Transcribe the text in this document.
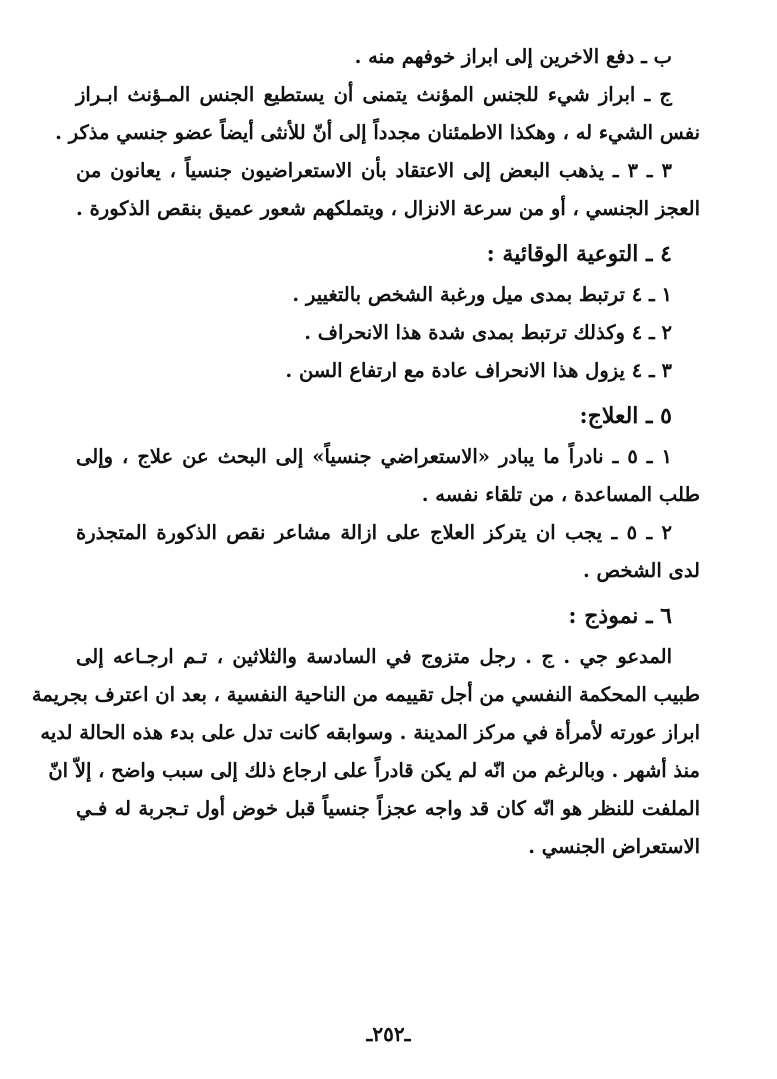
ب ـ دفع الاخرين إلى ابراز خوفهم منه .
ج ـ ابراز شيء للجنس المؤنث يتمنى أن يستطيع الجنس المـؤنث ابـراز
نفس الشيء له ، وهكذا الاطمئنان مجدداً إلى أنّ للأنثى أيضاً عضو جنسي مذكر .
٣ ـ ٣ ـ يذهب البعض إلى الاعتقاد بأن الاستعراضيون جنسياً ، يعانون من
العجز الجنسي ، أو من سرعة الانزال ، ويتملكهم شعور عميق بنقص الذكورة .
٤ ـ التوعية الوقائية :
١ ـ ٤ ترتبط بمدى ميل ورغبة الشخص بالتغيير .
٢ ـ ٤ وكذلك ترتبط بمدى شدة هذا الانحراف .
٣ ـ ٤ يزول هذا الانحراف عادة مع ارتفاع السن .
٥ ـ العلاج:
١ ـ ٥ ـ نادراً ما يبادر «الاستعراضي جنسياً» إلى البحث عن علاج ، وإلى
طلب المساعدة ، من تلقاء نفسه .
٢ ـ ٥ ـ يجب ان يتركز العلاج على ازالة مشاعر نقص الذكورة المتجذرة
لدى الشخص .
٦ ـ نموذج :
المدعو جي . ج . رجل متزوج في السادسة والثلاثين ، تـم ارجـاعه إلى
طبيب المحكمة النفسي من أجل تقييمه من الناحية النفسية ، بعد ان اعترف بجريمة
ابراز عورته لأمرأة في مركز المدينة . وسوابقه كانت تدل على بدء هذه الحالة لديه
منذ أشهر . وبالرغم من انّه لم يكن قادراً على ارجاع ذلك إلى سبب واضح ، إلاّ انّ
الملفت للنظر هو انّه كان قد واجه عجزاً جنسياً قبل خوض أول تـجربة له فـي
الاستعراض الجنسي .
ـ٢٥٢ـ
